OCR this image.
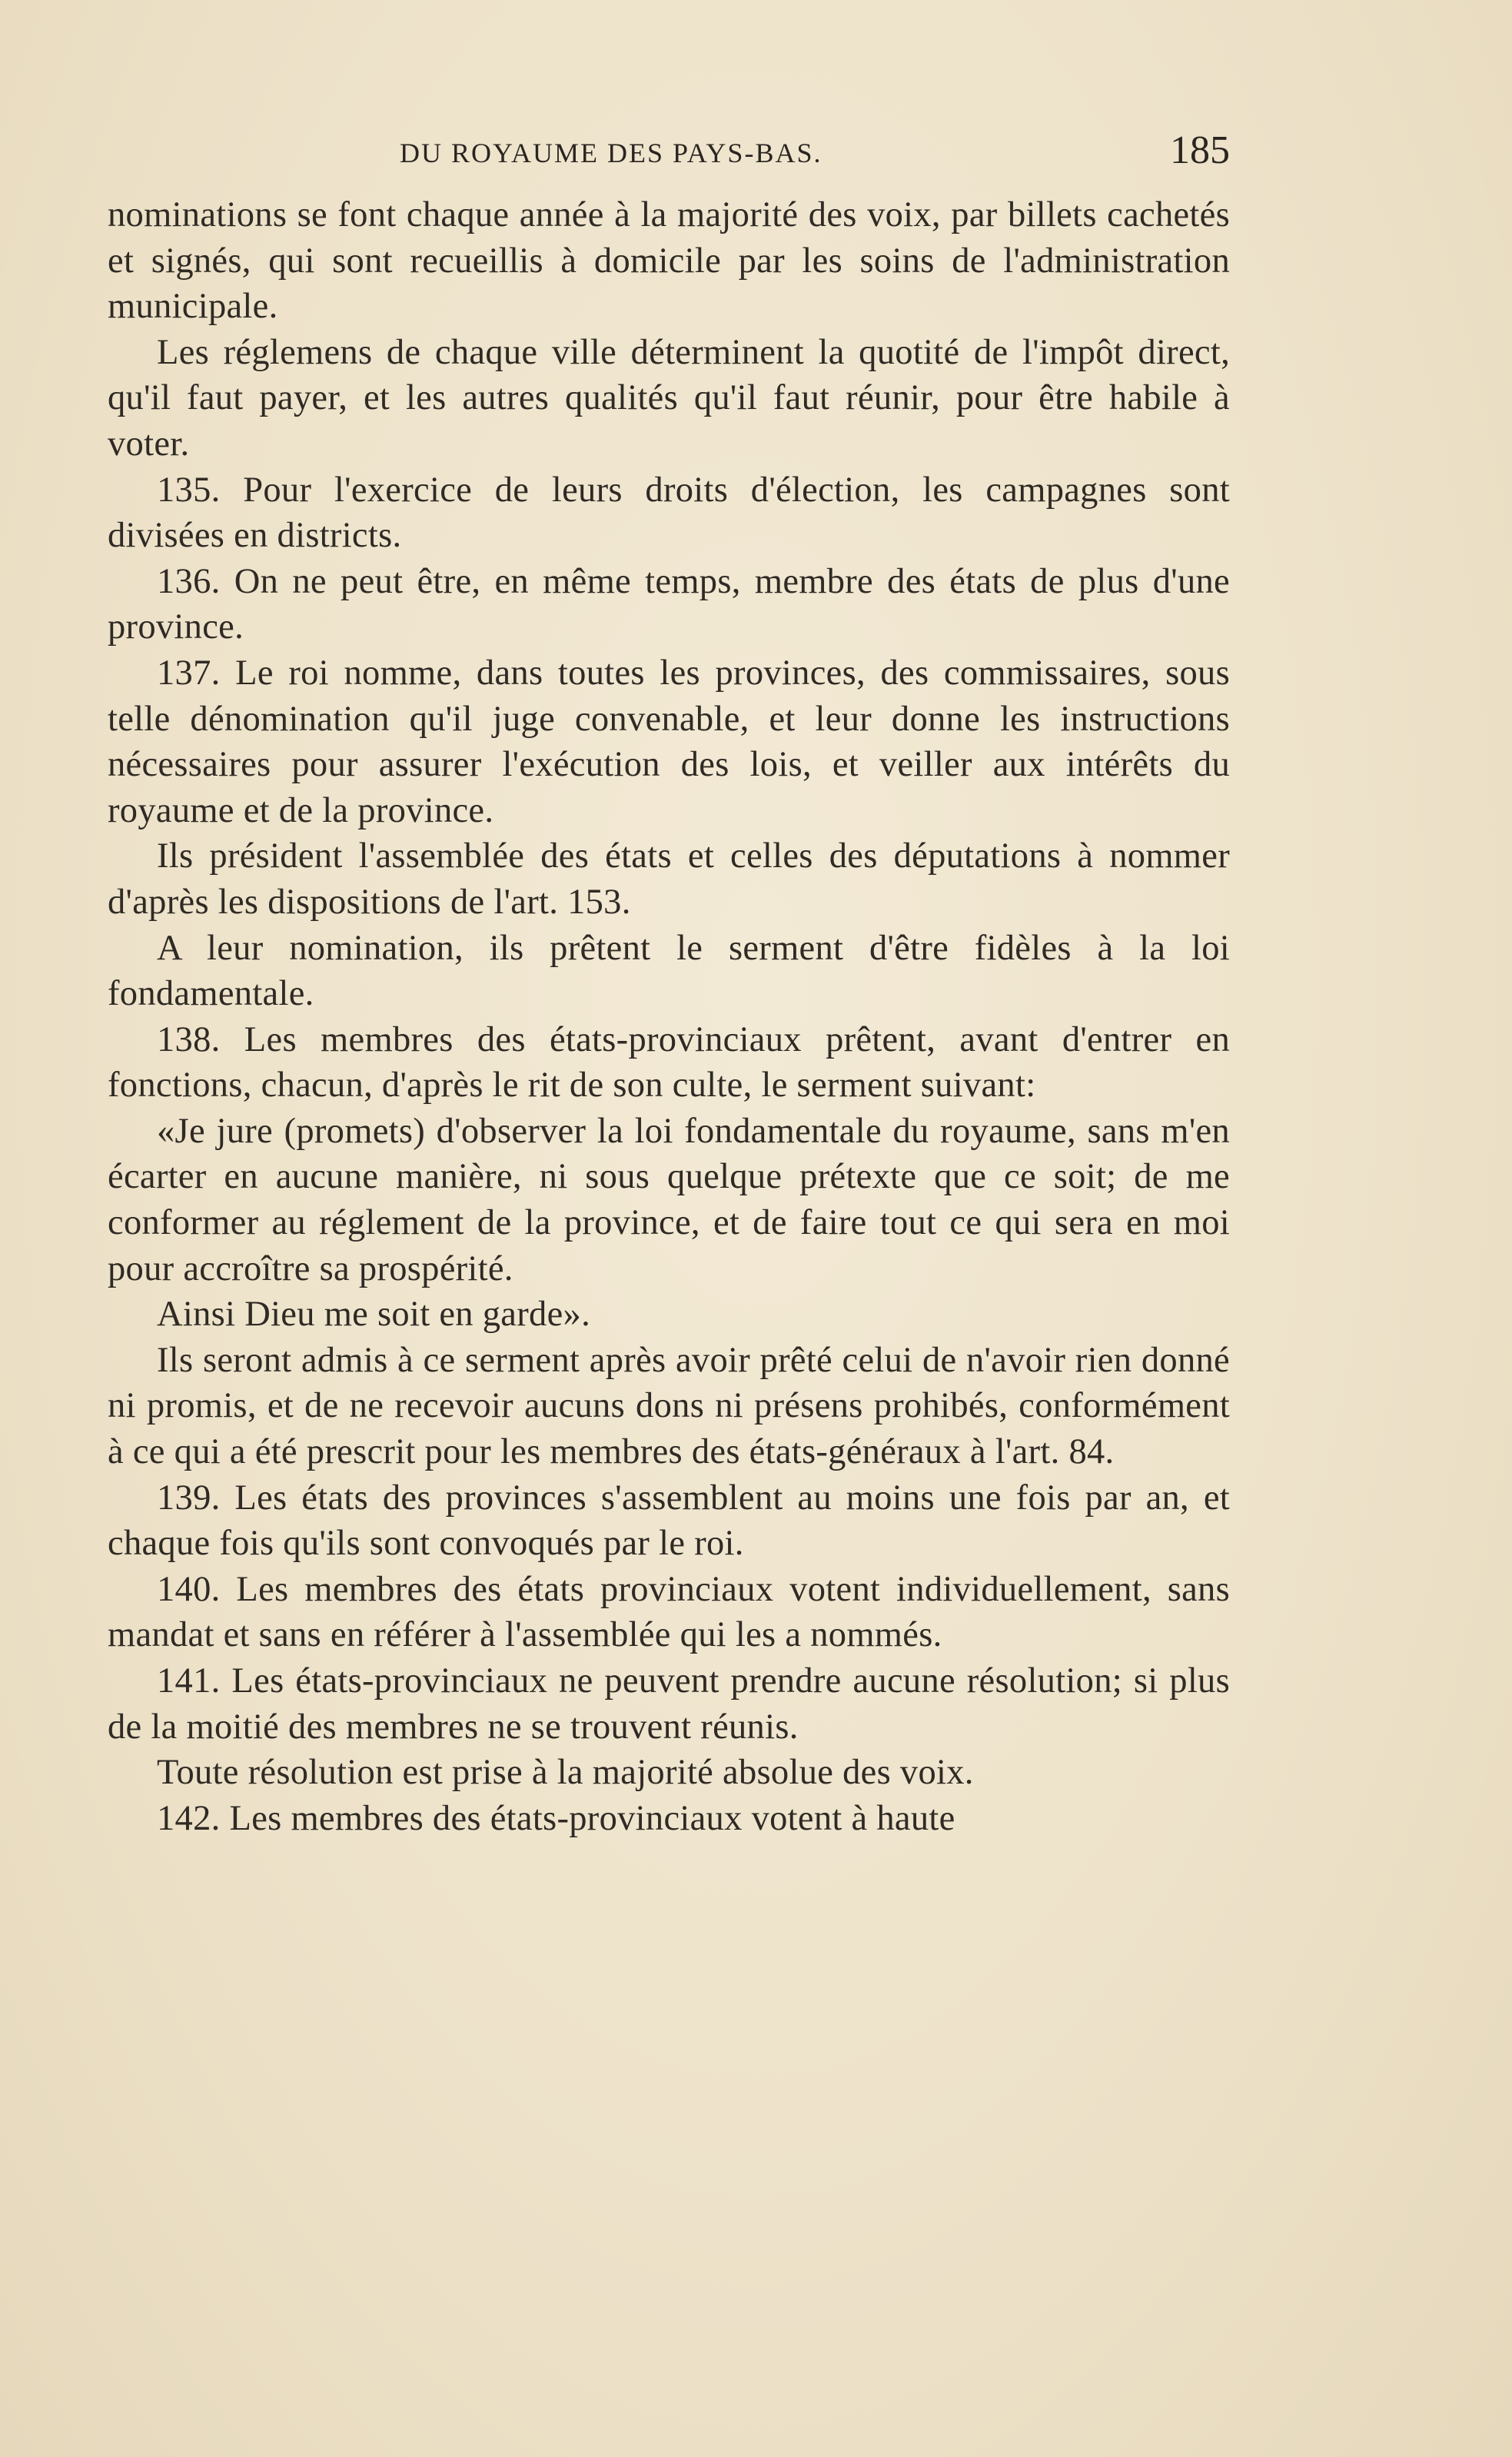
DU ROYAUME DES PAYS-BAS.	185

nominations se font chaque année à la majorité des voix, par billets cachetés et signés, qui sont recueillis à domicile par les soins de l'administration municipale.

Les réglemens de chaque ville déterminent la quotité de l'impôt direct, qu'il faut payer, et les autres qualités qu'il faut réunir, pour être habile à voter.

135. Pour l'exercice de leurs droits d'élection, les campagnes sont divisées en districts.

136. On ne peut être, en même temps, membre des états de plus d'une province.

137. Le roi nomme, dans toutes les provinces, des commissaires, sous telle dénomination qu'il juge convenable, et leur donne les instructions nécessaires pour assurer l'exécution des lois, et veiller aux intérêts du royaume et de la province.

Ils président l'assemblée des états et celles des députations à nommer d'après les dispositions de l'art. 153.

A leur nomination, ils prêtent le serment d'être fidèles à la loi fondamentale.

138. Les membres des états-provinciaux prêtent, avant d'entrer en fonctions, chacun, d'après le rit de son culte, le serment suivant:

«Je jure (promets) d'observer la loi fondamentale du royaume, sans m'en écarter en aucune manière, ni sous quelque prétexte que ce soit; de me conformer au réglement de la province, et de faire tout ce qui sera en moi pour accroître sa prospérité.

Ainsi Dieu me soit en garde».

Ils seront admis à ce serment après avoir prêté celui de n'avoir rien donné ni promis, et de ne recevoir aucuns dons ni présens prohibés, conformément à ce qui a été prescrit pour les membres des états-généraux à l'art. 84.

139. Les états des provinces s'assemblent au moins une fois par an, et chaque fois qu'ils sont convoqués par le roi.

140. Les membres des états provinciaux votent individuellement, sans mandat et sans en référer à l'assemblée qui les a nommés.

141. Les états-provinciaux ne peuvent prendre aucune résolution; si plus de la moitié des membres ne se trouvent réunis.

Toute résolution est prise à la majorité absolue des voix.

142. Les membres des états-provinciaux votent à haute
